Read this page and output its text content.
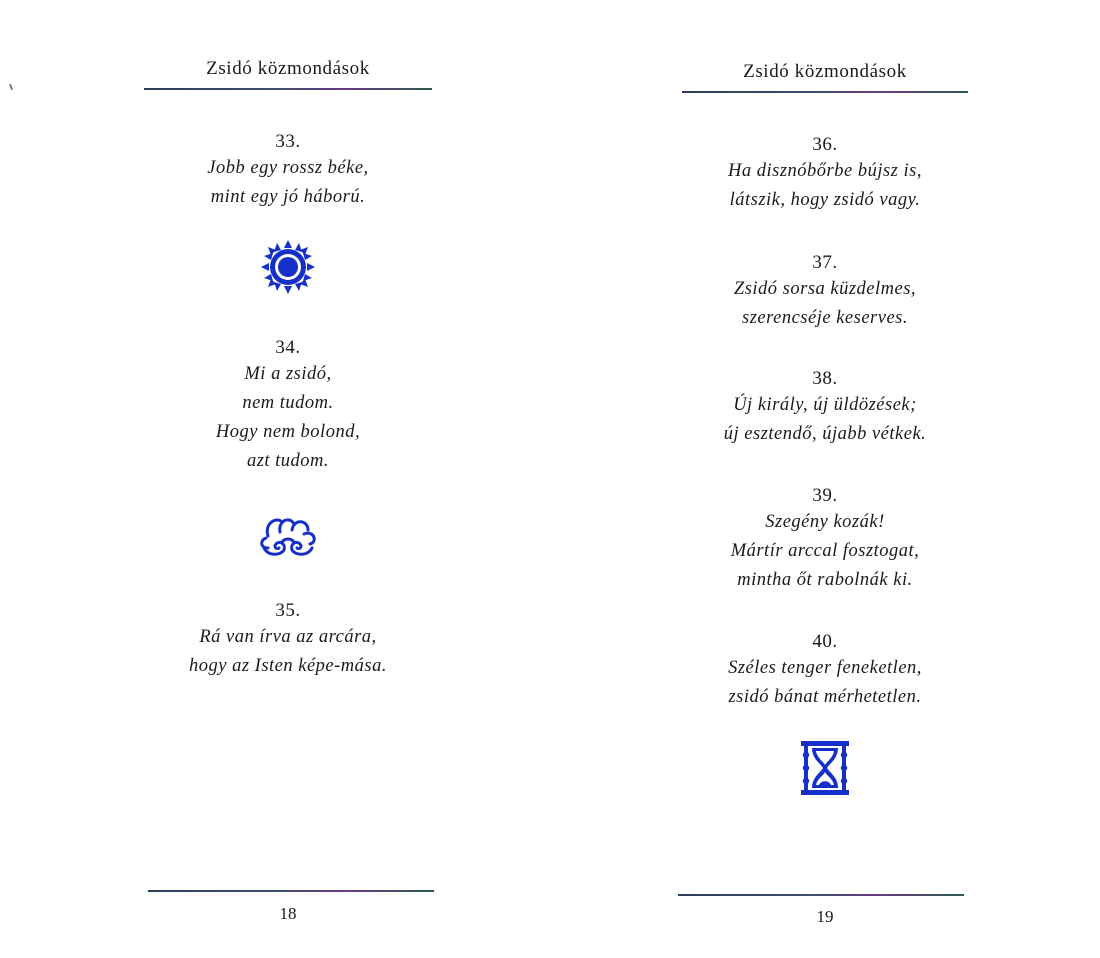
Zsidó közmondások
33.
Jobb egy rossz béke,
mint egy jó háború.
34.
Mi a zsidó,
nem tudom.
Hogy nem bolond,
azt tudom.
35.
Rá van írva az arcára,
hogy az Isten képe-mása.
18
Zsidó közmondások
36.
Ha disznóbőrbe bújsz is,
látszik, hogy zsidó vagy.
37.
Zsidó sorsa küzdelmes,
szerencséje keserves.
38.
Új király, új üldözések;
új esztendő, újabb vétkek.
39.
Szegény kozák!
Mártír arccal fosztogat,
mintha őt rabolnák ki.
40.
Széles tenger feneketlen,
zsidó bánat mérhetetlen.
19
